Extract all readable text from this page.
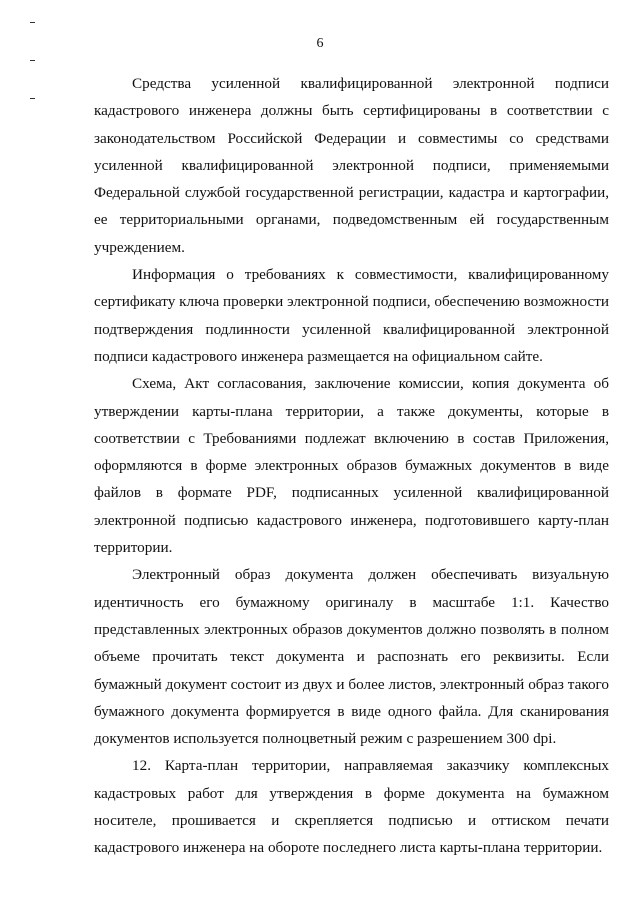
6

Средства усиленной квалифицированной электронной подписи кадастрового инженера должны быть сертифицированы в соответствии с законодательством Российской Федерации и совместимы со средствами усиленной квалифицированной электронной подписи, применяемыми Федеральной службой государственной регистрации, кадастра и картографии, ее территориальными органами, подведомственным ей государственным учреждением.

Информация о требованиях к совместимости, квалифицированному сертификату ключа проверки электронной подписи, обеспечению возможности подтверждения подлинности усиленной квалифицированной электронной подписи кадастрового инженера размещается на официальном сайте.

Схема, Акт согласования, заключение комиссии, копия документа об утверждении карты-плана территории, а также документы, которые в соответствии с Требованиями подлежат включению в состав Приложения, оформляются в форме электронных образов бумажных документов в виде файлов в формате PDF, подписанных усиленной квалифицированной электронной подписью кадастрового инженера, подготовившего карту-план территории.

Электронный образ документа должен обеспечивать визуальную идентичность его бумажному оригиналу в масштабе 1:1. Качество представленных электронных образов документов должно позволять в полном объеме прочитать текст документа и распознать его реквизиты. Если бумажный документ состоит из двух и более листов, электронный образ такого бумажного документа формируется в виде одного файла. Для сканирования документов используется полноцветный режим с разрешением 300 dpi.

12. Карта-план территории, направляемая заказчику комплексных кадастровых работ для утверждения в форме документа на бумажном носителе, прошивается и скрепляется подписью и оттиском печати кадастрового инженера на обороте последнего листа карты-плана территории.
